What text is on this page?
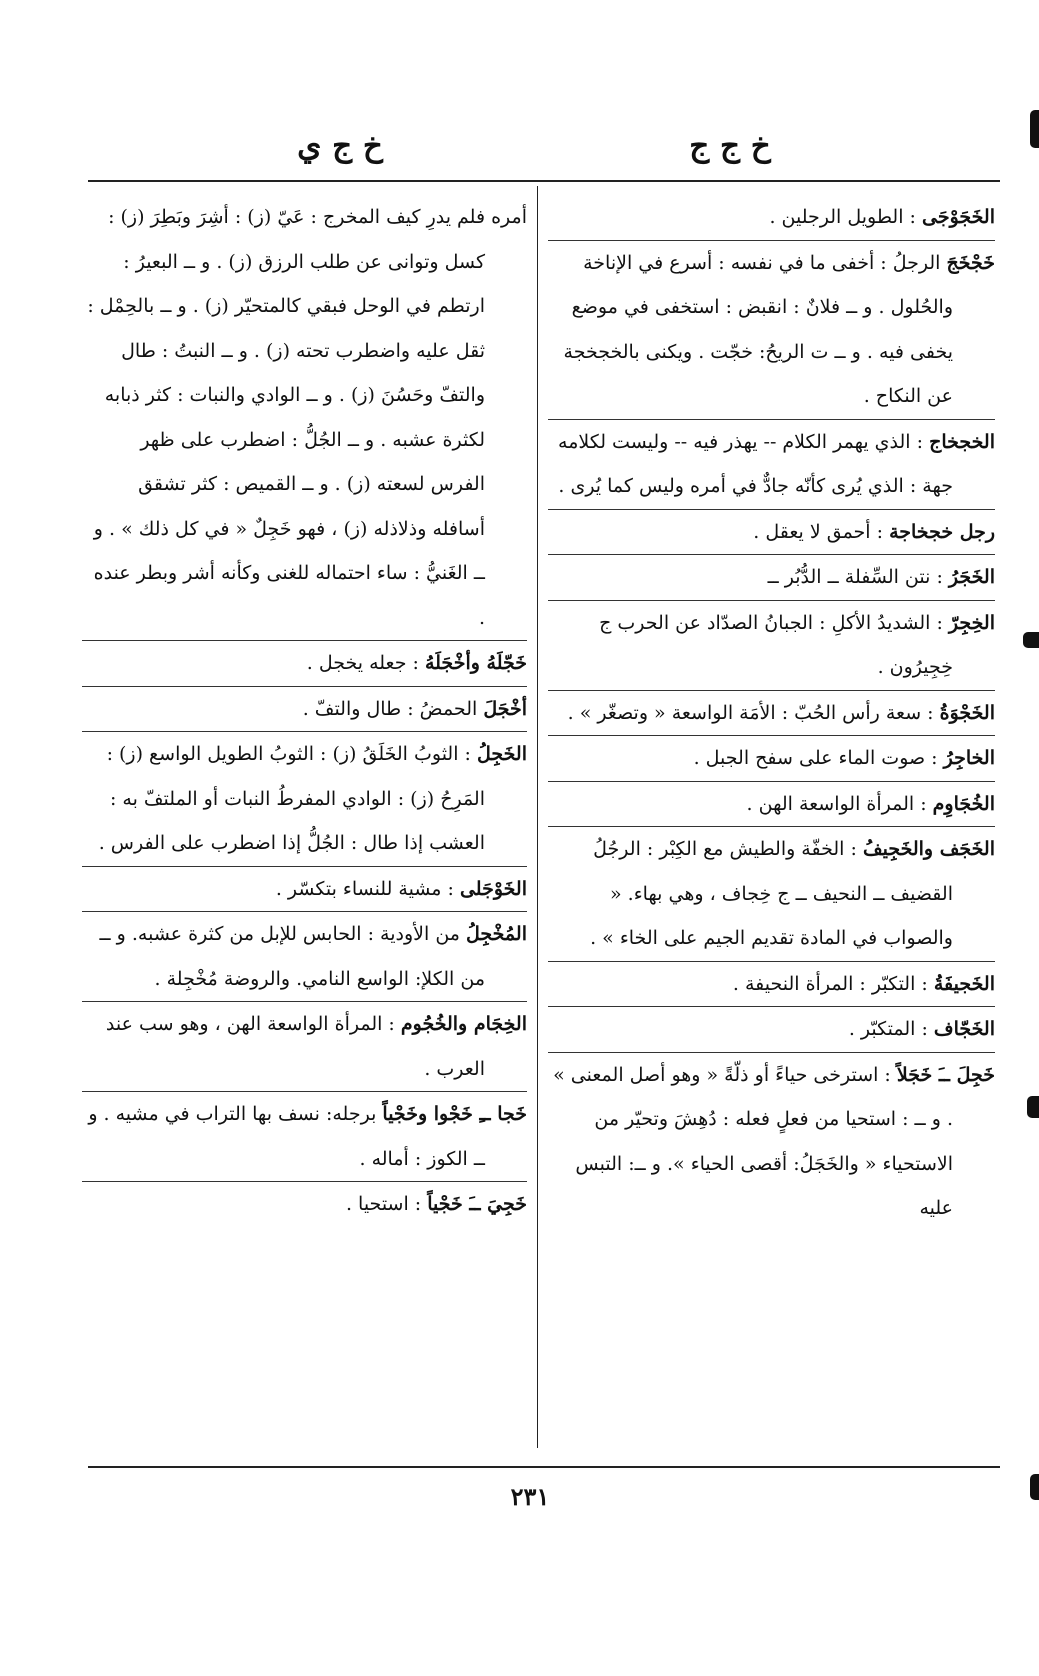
خ ج ج
خ ج ي
الخَجَوْجَى : الطويل الرجلين .
خَجْخَجَ الرجلُ : أخفى ما في نفسه : أسرع في الإناخة والحُلول . و ــ فلانٌ : انقبض : استخفى في موضع يخفى فيه . و ــ ت الريحُ: خجّت . ويكنى بالخجخجة عن النكاح .
الخجخاج : الذي يهمر الكلام -- يهذر فيه -- وليست لكلامه جهة : الذي يُرى كأنّه جادٌّ في أمره وليس كما يُرى .
رجل خجخاجة : أحمق لا يعقل .
الخَجَرُ : نتن السِّفلة ــ الدُّبُر ــ
الخِجِرّ : الشديدُ الأكلِ : الجبانُ الصدّاد عن الحرب ج خِجِيرُون .
الخَجْوَةُ : سعة رأس الحُبّ : الأمَة الواسعة « وتصغّر » .
الخاجِرُ : صوت الماء على سفح الجبل .
الخُجَاوِم : المرأة الواسعة الهن .
الخَجَف والخَجِيفُ : الخفّة والطيش مع الكِبْر : الرجُلُ القضيف ــ النحيف ــ ج خِجاف ، وهي بهاء. « والصواب في المادة تقديم الجيم على الخاء » .
الخَجيفَةُ : التكبّر : المرأة النحيفة .
الخَجّاف : المتكبّر .
خَجِلَ ــَ خَجَلاً : استرخى حياءً أو ذلّةً « وهو أصل المعنى » . و ــ : استحيا من فعلٍ فعله : دُهِشَ وتحيّر من الاستحياء « والخَجَلُ: أقصى الحياء ». و ــ: التبس عليه
أمره فلم يدرِ كيف المخرج : عَيّ (ز) : أشِرَ وبَطِرَ (ز) : كسل وتوانى عن طلب الرزق (ز) . و ــ البعيرُ : ارتطم في الوحل فبقي كالمتحيّر (ز) . و ــ بالحِمْل : ثقل عليه واضطرب تحته (ز) . و ــ النبتُ : طال والتفّ وحَسُنَ (ز) . و ــ الوادي والنبات : كثر ذبابه لكثرة عشبه . و ــ الجُلُّ : اضطرب على ظهر الفرس لسعته (ز) . و ــ القميص : كثر تشقق أسافله وذلاذله (ز) ، فهو خَجِلٌ « في كل ذلك » . و ــ الغَنيُّ : ساء احتماله للغنى وكأنه أشر وبطر عنده .
خَجّلَهُ وأخْجَلَهُ : جعله يخجل .
أخْجَلَ الحمضُ : طال والتفّ .
الخَجِلُ : الثوبُ الخَلَقُ (ز) : الثوبُ الطويل الواسع (ز) : المَرِحُ (ز) : الوادي المفرطُ النبات أو الملتفّ به : العشب إذا طال : الجُلُّ إذا اضطرب على الفرس .
الخَوْجَلى : مشية للنساء بتكسّر .
المُخْجِلُ من الأودية : الحابس للإبل من كثرة عشبه. و ــ من الكلإ: الواسع النامي. والروضة مُخْجِلة .
الخِجَام والخُجُوم : المرأة الواسعة الهن ، وهو سب عند العرب .
خَجا ــِ خَجْوا وخَجْياً برجله: نسف بها التراب في مشيه . و ــ الكوز : أماله .
خَجِيَ ــَ خَجْياً : استحيا .
٢٣١
